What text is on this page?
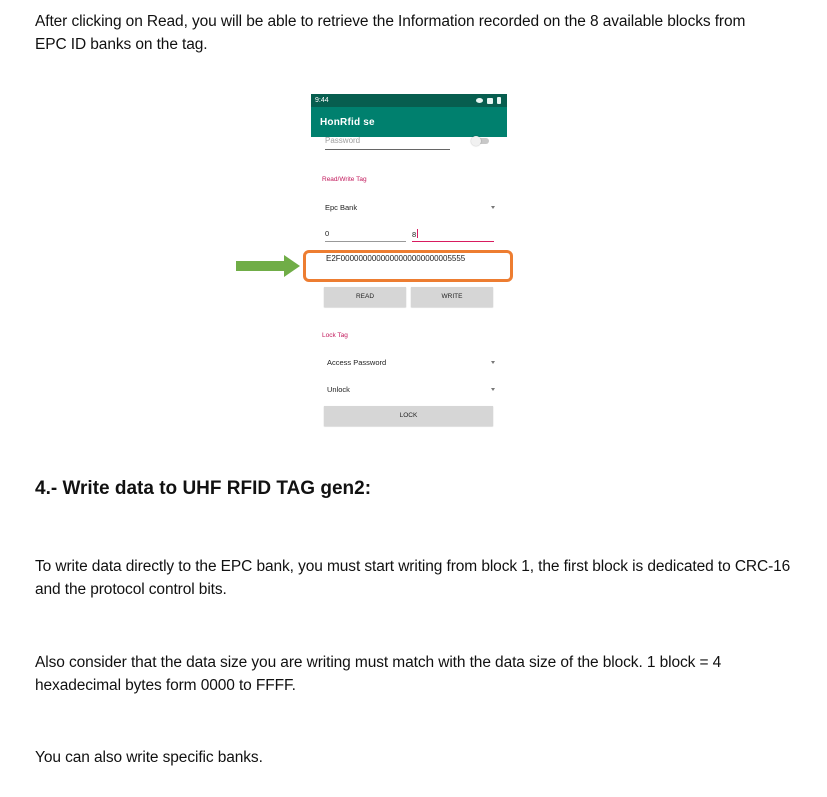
After clicking on Read, you will be able to retrieve the Information recorded on the 8 available blocks from EPC ID banks on the tag.
9:44
HonRfid se
Password
Read/Write Tag
Epc Bank
0	8
E2F0000000000000000000000005555
READ	WRITE
Lock Tag
Access Password
Unlock
LOCK
4.- Write data to UHF RFID TAG gen2:
To write data directly to the EPC bank, you must start writing from block 1, the first block is dedicated to CRC-16 and the protocol control bits.
Also consider that the data size you are writing must match with the data size of the block. 1 block = 4 hexadecimal bytes form 0000 to FFFF.
You can also write specific banks.
